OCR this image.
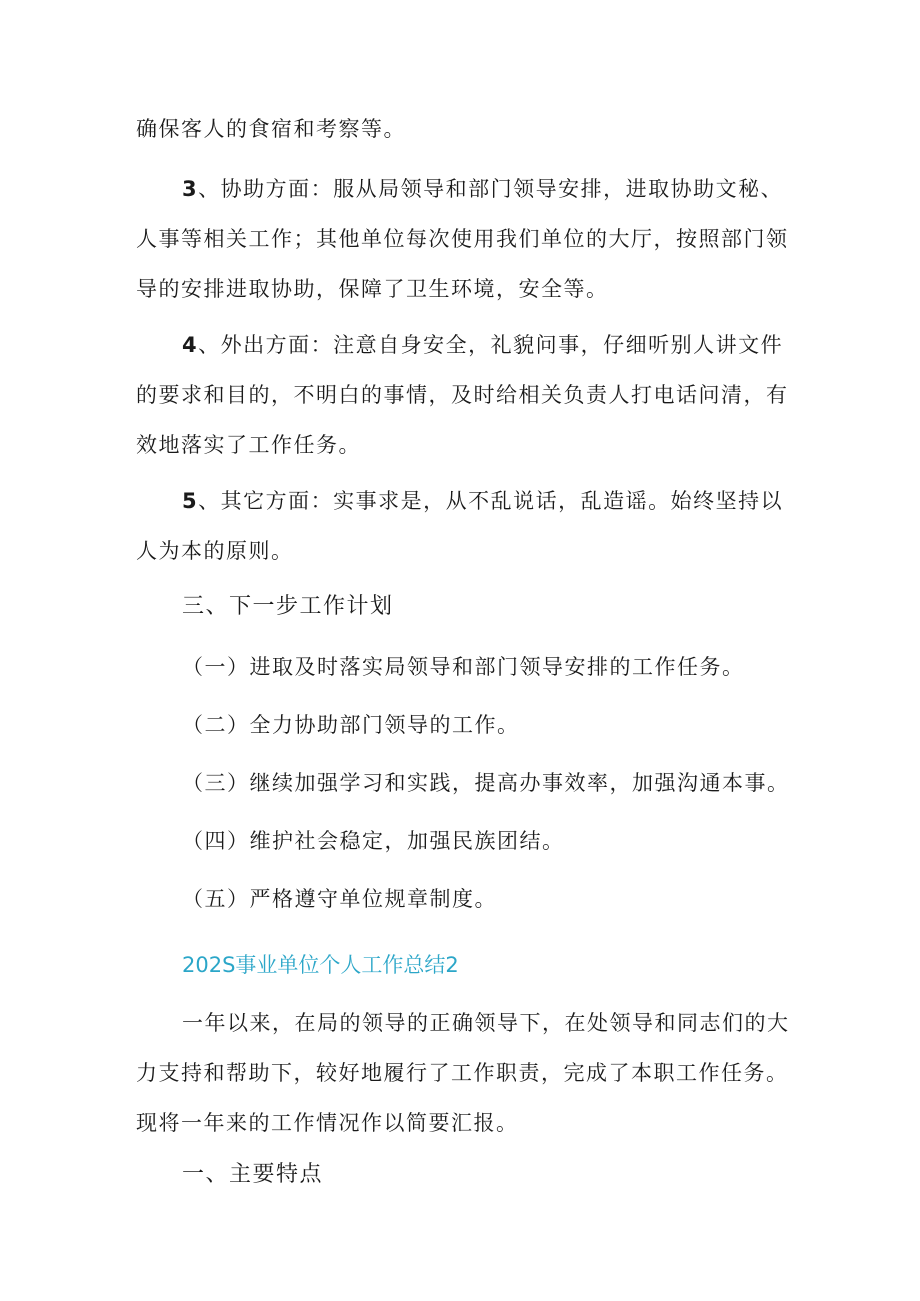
确保客人的食宿和考察等。

3、协助方面：服从局领导和部门领导安排，进取协助文秘、人事等相关工作；其他单位每次使用我们单位的大厅，按照部门领导的安排进取协助，保障了卫生环境，安全等。

4、外出方面：注意自身安全，礼貌问事，仔细听别人讲文件的要求和目的，不明白的事情，及时给相关负责人打电话问清，有效地落实了工作任务。

5、其它方面：实事求是，从不乱说话，乱造谣。始终坚持以人为本的原则。

三、下一步工作计划

（一）进取及时落实局领导和部门领导安排的工作任务。

（二）全力协助部门领导的工作。

（三）继续加强学习和实践，提高办事效率，加强沟通本事。

（四）维护社会稳定，加强民族团结。

（五）严格遵守单位规章制度。

202S事业单位个人工作总结2

一年以来，在局的领导的正确领导下，在处领导和同志们的大力支持和帮助下，较好地履行了工作职责，完成了本职工作任务。现将一年来的工作情况作以简要汇报。

一、主要特点
